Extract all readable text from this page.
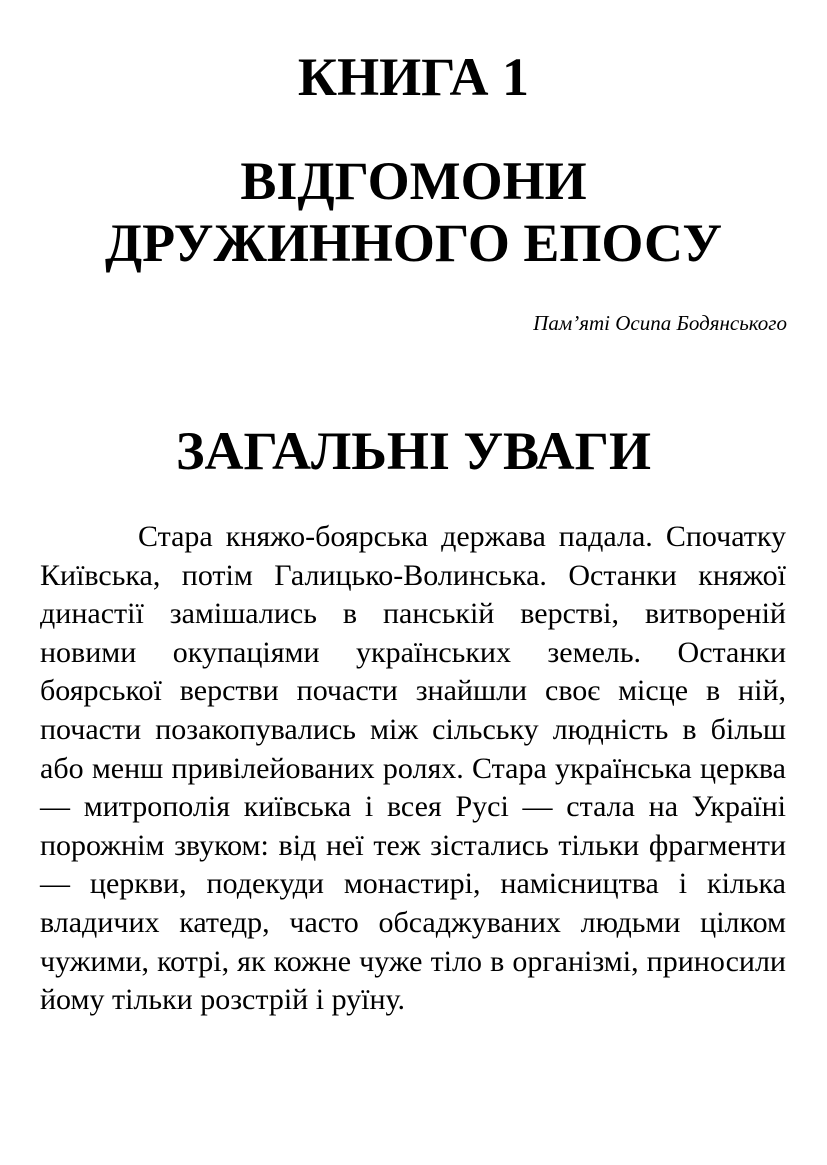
КНИГА 1
ВІДГОМОНИ
ДРУЖИННОГО ЕПОСУ

Пам’яті Осипа Бодянського

ЗАГАЛЬНІ УВАГИ

Стара княжо-боярська держава падала. Спочатку Київська, потім Галицько-Волинська. Останки княжої династії замішались в панській верстві, витвореній новими окупаціями українських земель. Останки боярської верстви почасти знайшли своє місце в ній, почасти позакопувались між сільську людність в більш або менш привілейованих ролях. Стара українська церква — митрополія київська і всея Русі — стала на Україні порожнім звуком: від неї теж зістались тільки фрагменти — церкви, подекуди монастирі, намісництва і кілька владичих катедр, часто обсаджуваних людьми цілком чужими, котрі, як кожне чуже тіло в організмі, приносили йому тільки розстрій і руїну.
